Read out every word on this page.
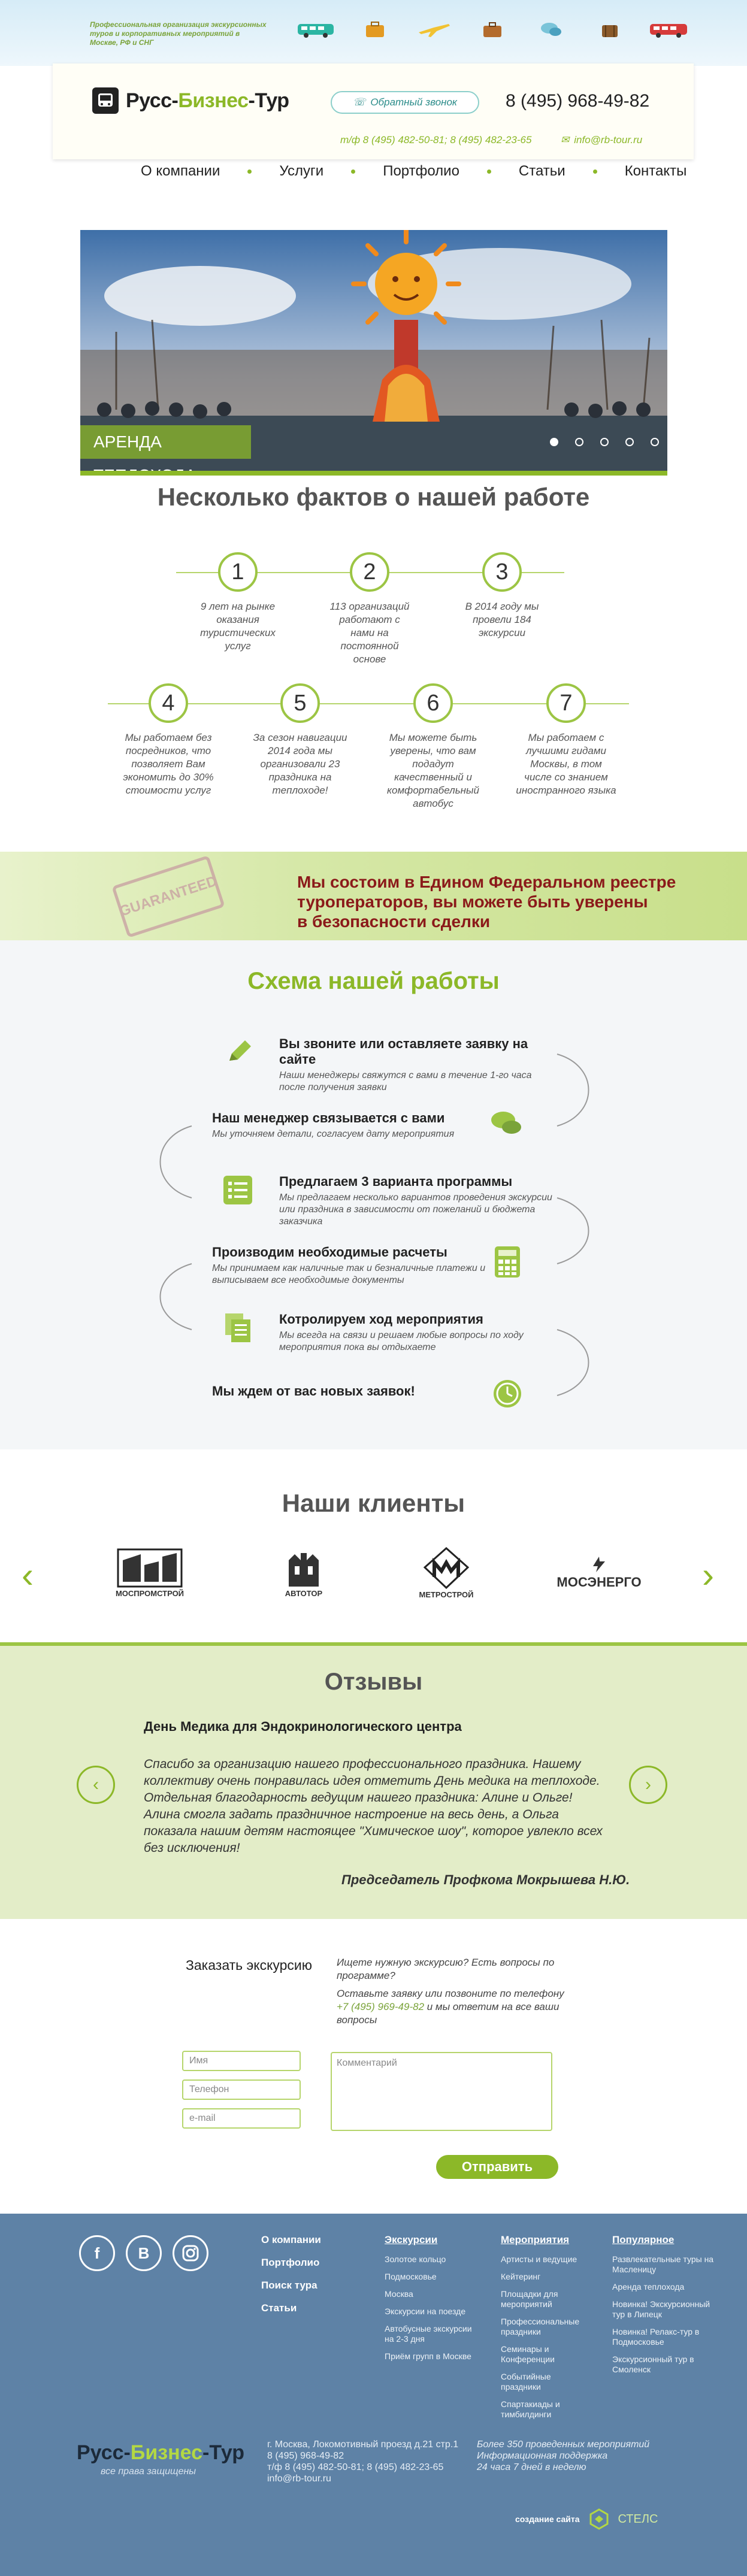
Профессиональная организация экскурсионных туров и корпоративных мероприятий в Москве, РФ и СНГ
Русс-Бизнес-Тур	☏ Обратный звонок	8 (495) 968-49-82
т/ф 8 (495) 482-50-81; 8 (495) 482-23-65	✉ info@rb-tour.ru
О компании	Услуги	Портфолио	Статьи	Контакты
АРЕНДА
Несколько фактов о нашей работе
1
9 лет на рынке оказания туристических услуг
2
113 организаций работают с нами на постоянной основе
3
В 2014 году мы провели 184 экскурсии
4
Мы работаем без посредников, что позволяет Вам экономить до 30% стоимости услуг
5
За сезон навигации 2014 года мы организовали 23 праздника на теплоходе!
6
Мы можете быть уверены, что вам подадут качественный и комфортабельный автобус
7
Мы работаем с лучшими гидами Москвы, в том числе со знанием иностранного языка
GUARANTEED	Мы состоим в Едином Федеральном реестре
туроператоров, вы можете быть уверены
в безопасности сделки
Схема нашей работы
Вы звоните или оставляете заявку на сайте
Наши менеджеры свяжутся с вами в течение 1-го часа после получения заявки
Наш менеджер связывается с вами
Мы уточняем детали, согласуем дату мероприятия
Предлагаем 3 варианта программы
Мы предлагаем несколько вариантов проведения экскурсии или праздника в зависимости от пожеланий и бюджета заказчика
Производим необходимые расчеты
Мы принимаем как наличные так и безналичные платежи и выписываем все необходимые документы
Котролируем ход мероприятия
Мы всегда на связи и решаем любые вопросы по ходу мероприятия пока вы отдыхаете
Мы ждем от вас новых заявок!
Наши клиенты
‹	›
МОСПРОМСТРОЙ	АВТОТОР	МЕТРОСТРОЙ
МОСЭНЕРГО
Отзывы
‹	›
День Медика для Эндокринологического центра
Спасибо за организацию нашего профессионального праздника. Нашему коллективу очень понравилась идея отметить День медика на теплоходе. Отдельная благодарность ведущим нашего праздника: Алине и Ольге! Алина смогла задать праздничное настроение на весь день, а Ольга показала нашим детям настоящее "Химическое шоу", которое увлекло всех без исключения!
Председатель Профкома Мокрышева Н.Ю.
Заказать экскурсию Ищете нужную экскурсию? Есть вопросы по программе?
Оставьте заявку или позвоните по телефону
+7 (495) 969-49-82 и мы ответим на все ваши вопросы
Имя
Телефон
e-mail
Комментарий
Отправить
f	B
О компании
Портфолио
Поиск тура
Статьи
Экскурсии
Золотое кольцо
Подмосковье
Москва
Экскурсии на поезде
Автобусные экскурсии на 2-3 дня
Приём групп в Москве
Мероприятия
Артисты и ведущие
Кейтеринг
Площадки для мероприятий
Профессиональные праздники
Семинары и Конференции
Событийные праздники
Спартакиады и тимбилдинги
Популярное
Развлекательные туры на Масленицу
Аренда теплохода
Новинка! Экскурсионный тур в Липецк
Новинка! Релакс-тур в Подмосковье
Экскурсионный тур в Смоленск
Русс-Бизнес-Тур
все права защищены
г. Москва, Локомотивный проезд д.21 стр.1
8 (495) 968-49-82
т/ф 8 (495) 482-50-81; 8 (495) 482-23-65
info@rb-tour.ru
Более 350 проведенных мероприятий
Информационная поддержка
24 часа 7 дней в неделю
создание сайта	СТЕЛС
